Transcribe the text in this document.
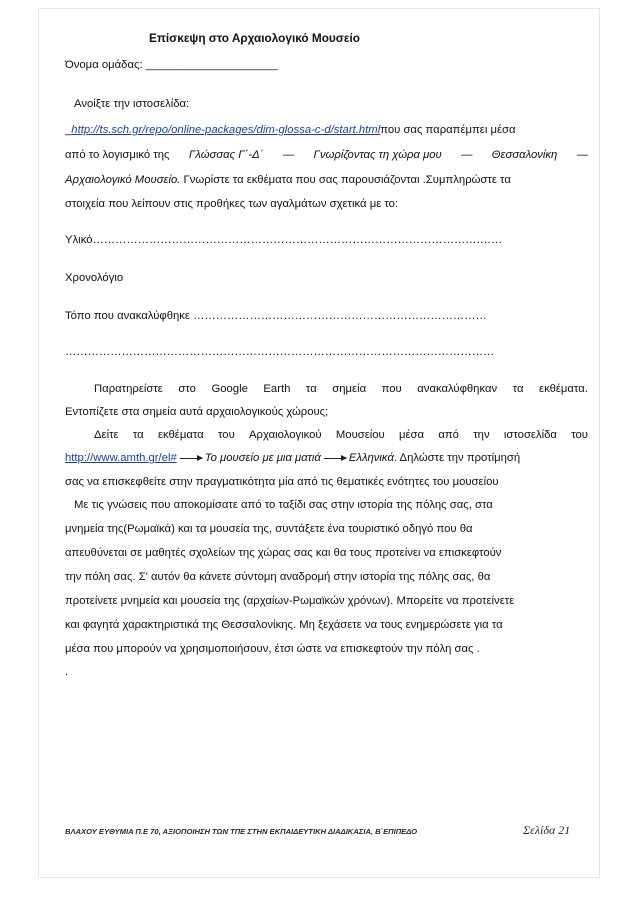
Επίσκεψη στο Αρχαιολογικό Μουσείο
Όνομα ομάδας: _____________________
Ανοίξτε την ιστοσελίδα:
_http://ts.sch.gr/repo/online-packages/dim-glossa-c-d/start.htmlπου σας παραπέμπει μέσα
από το λογισμικό της Γλώσσας Γ΄-Δ΄ — Γνωρίζοντας τη χώρα μου — Θεσσαλονίκη —
Αρχαιολογικό Μουσείο. Γνωρίστε τα εκθέματα που σας παρουσιάζονται .Συμπληρώστε τα
στοιχεία που λείπουν στις προθήκες των αγαλμάτων σχετικά με το:
Υλικό………………………………………………………………………………………….……
Χρονολόγιο
Τόπο που ανακαλύφθηκε ……………………………………………………………………
……………………………………………………………………………………………………
Παρατηρείστε στο Google Earth τα σημεία που ανακαλύφθηκαν τα εκθέματα.
Εντοπίζετε στα σημεία αυτά αρχαιολογικούς χώρους;
Δείτε τα εκθέματα του Αρχαιολογικού Μουσείου μέσα από την ιστοσελίδα του
http://www.amth.gr/el# Το μουσείο με μια ματιά Ελληνικά. Δηλώστε την προτίμησή
σας να επισκεφθείτε στην πραγματικότητα μία από τις θεματικές ενότητες του μουσείου
Με τις γνώσεις που αποκομίσατε από το ταξίδι σας στην ιστορία της πόλης σας, στα
μνημεία της(Ρωμαϊκά) και τα μουσεία της, συντάξετε ένα τουριστικό οδηγό που θα
απευθύνεται σε μαθητές σχολείων της χώρας σας και θα τους προτείνει να επισκεφτούν
την πόλη σας. Σ' αυτόν θα κάνετε σύντομη αναδρομή στην ιστορία της πόλης σας, θα
προτείνετε μνημεία και μουσεία της (αρχαίων-Ρωμαϊκών χρόνων). Μπορείτε να προτείνετε
και φαγητά χαρακτηριστικά της Θεσσαλονίκης. Μη ξεχάσετε να τους ενημερώσετε για τα
μέσα που μπορούν να χρησιμοποιήσουν, έτσι ώστε να επισκεφτούν την πόλη σας .
.
ΒΛΑΧΟΥ ΕΥΘΥΜΙΑ Π.Ε 70, ΑΞΙΟΠΟΙΗΣΗ ΤΩΝ ΤΠΕ ΣΤΗΝ ΕΚΠΑΙΔΕΥΤΙΚΗ ΔΙΑΔΙΚΑΣΙΑ, Β΄ΕΠΙΠΕΔΟ	Σελίδα 21
